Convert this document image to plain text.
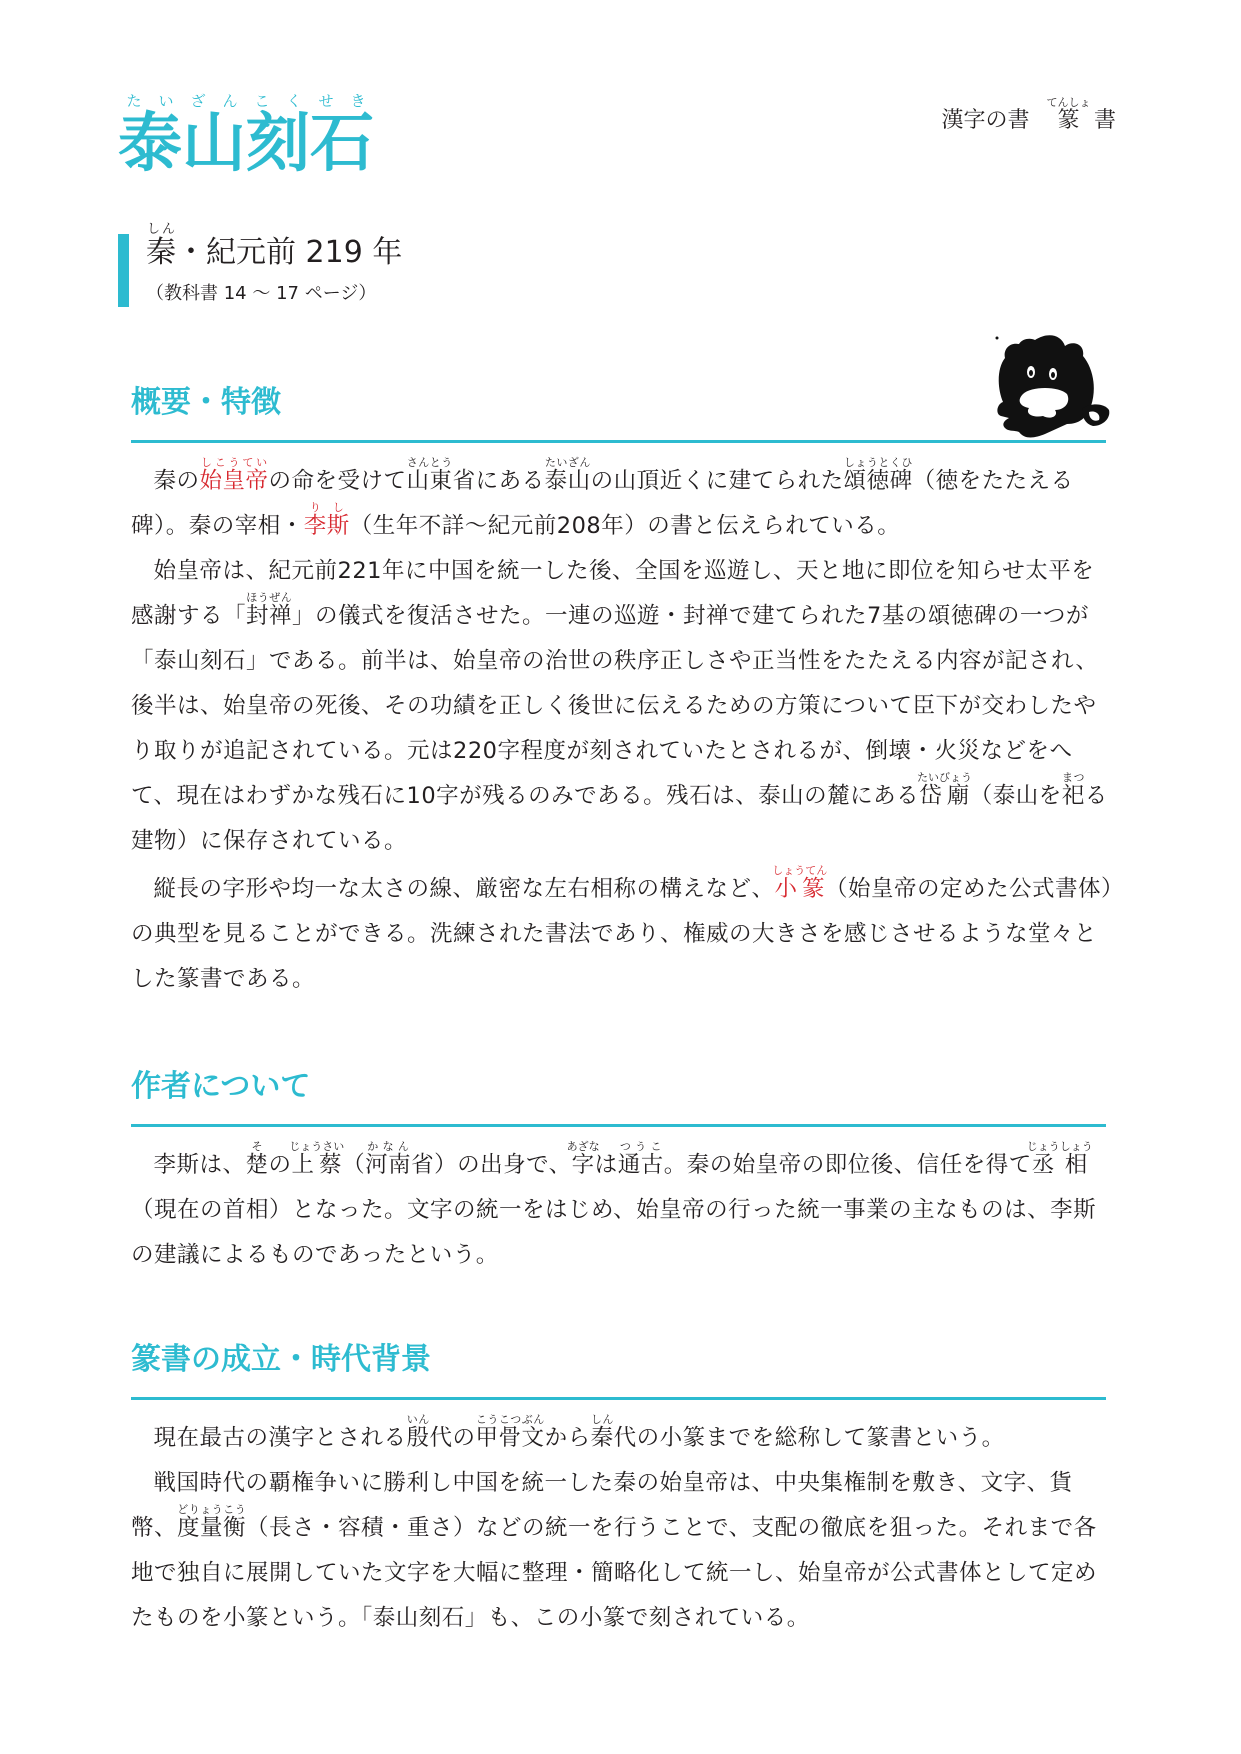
漢字の書　 篆てんしょ 書
泰たい山ざん刻こく石せき
秦しん・紀元前 219 年
（教科書 14 ～ 17 ページ）
概要・特徴

秦の始皇帝しこうていの命を受けて山東さんとう省にある泰山たいざんの山頂近くに建てられた頌徳碑しょうとくひ（徳をたたえる碑）。秦の宰相・李斯りし（生年不詳～紀元前208年）の書と伝えられている。

始皇帝は、紀元前221年に中国を統一した後、全国を巡遊し、天と地に即位を知らせ太平を感謝する「封禅ほうぜん」の儀式を復活させた。一連の巡遊・封禅で建てられた7基の頌徳碑の一つが「泰山刻石」である。前半は、始皇帝の治世の秩序正しさや正当性をたたえる内容が記され、後半は、始皇帝の死後、その功績を正しく後世に伝えるための方策について臣下が交わしたやり取りが追記されている。元は220字程度が刻されていたとされるが、倒壊・火災などをへて、現在はわずかな残石に10字が残るのみである。残石は、泰山の麓にある岱廟たいびょう（泰山を祀まつる建物）に保存されている。

縦長の字形や均一な太さの線、厳密な左右相称の構えなど、小篆しょうてん（始皇帝の定めた公式書体）の典型を見ることができる。洗練された書法であり、権威の大きさを感じさせるような堂々とした篆書である。

作者について

李斯は、楚その上蔡じょうさい（河南かなん省）の出身で、字あざなは通古つうこ。秦の始皇帝の即位後、信任を得て丞相じょうしょう（現在の首相）となった。文字の統一をはじめ、始皇帝の行った統一事業の主なものは、李斯の建議によるものであったという。

篆書の成立・時代背景

現在最古の漢字とされる殷いん代の甲骨文こうこつぶんから秦しん代の小篆までを総称して篆書という。

戦国時代の覇権争いに勝利し中国を統一した秦の始皇帝は、中央集権制を敷き、文字、貨幣、度量衡どりょうこう（長さ・容積・重さ）などの統一を行うことで、支配の徹底を狙った。それまで各地で独自に展開していた文字を大幅に整理・簡略化して統一し、始皇帝が公式書体として定めたものを小篆という。「泰山刻石」も、この小篆で刻されている。
